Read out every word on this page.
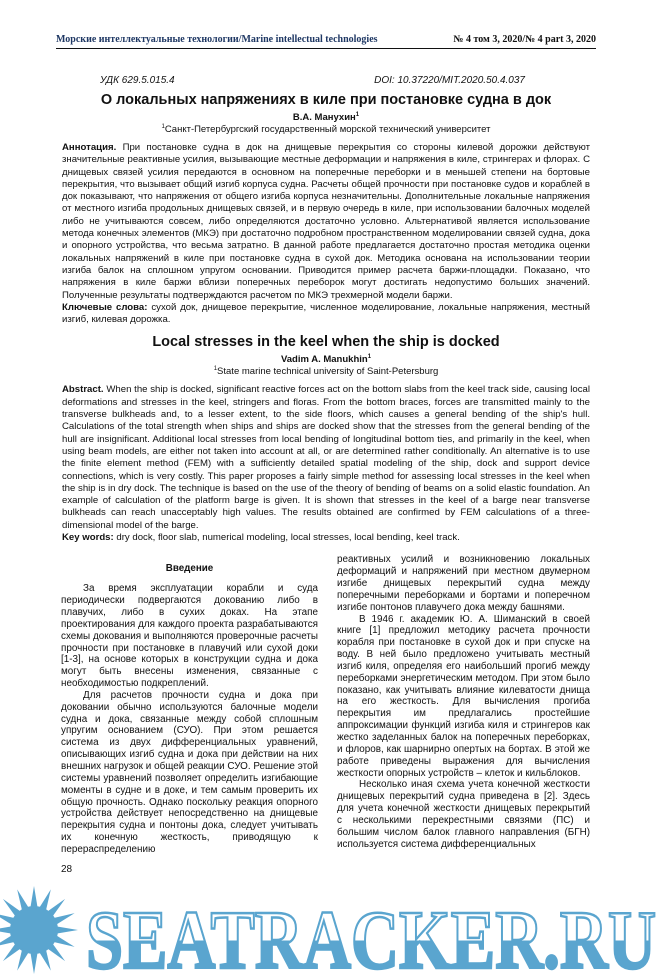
Морские интеллектуальные технологии/Marine intellectual technologies	№ 4 том 3, 2020/№ 4 part 3, 2020
УДК 629.5.015.4	DOI: 10.37220/MIT.2020.50.4.037
О локальных напряжениях в киле при постановке судна в док
В.А. Манухин$^1$
$^1$Санкт-Петербургский государственный морской технический университет
Аннотация. При постановке судна в док на днищевые перекрытия со стороны килевой дорожки действуют значительные реактивные усилия, вызывающие местные деформации и напряжения в киле, стрингерах и флорах. С днищевых связей усилия передаются в основном на поперечные переборки и в меньшей степени на бортовые перекрытия, что вызывает общий изгиб корпуса судна. Расчеты общей прочности при постановке судов и кораблей в док показывают, что напряжения от общего изгиба корпуса незначительны. Дополнительные локальные напряжения от местного изгиба продольных днищевых связей, и в первую очередь в киле, при использовании балочных моделей либо не учитываются совсем, либо определяются достаточно условно. Альтернативой является использование метода конечных элементов (МКЭ) при достаточно подробном пространственном моделировании связей судна, дока и опорного устройства, что весьма затратно. В данной работе предлагается достаточно простая методика оценки локальных напряжений в киле при постановке судна в сухой док. Методика основана на использовании теории изгиба балок на сплошном упругом основании. Приводится пример расчета баржи-площадки. Показано, что напряжения в киле баржи вблизи поперечных переборок могут достигать недопустимо больших значений. Полученные результаты подтверждаются расчетом по МКЭ трехмерной модели баржи.
Ключевые слова: сухой док, днищевое перекрытие, численное моделирование, локальные напряжения, местный изгиб, килевая дорожка.
Local stresses in the keel when the ship is docked
Vadim A. Manukhin$^1$
$^1$State marine technical university of Saint-Petersburg
Abstract. When the ship is docked, significant reactive forces act on the bottom slabs from the keel track side, causing local deformations and stresses in the keel, stringers and floras. From the bottom braces, forces are transmitted mainly to the transverse bulkheads and, to a lesser extent, to the side floors, which causes a general bending of the ship's hull. Calculations of the total strength when ships and ships are docked show that the stresses from the general bending of the hull are insignificant. Additional local stresses from local bending of longitudinal bottom ties, and primarily in the keel, when using beam models, are either not taken into account at all, or are determined rather conditionally. An alternative is to use the finite element method (FEM) with a sufficiently detailed spatial modeling of the ship, dock and support device connections, which is very costly. This paper proposes a fairly simple method for assessing local stresses in the keel when the ship is in dry dock. The technique is based on the use of the theory of bending of beams on a solid elastic foundation. An example of calculation of the platform barge is given. It is shown that stresses in the keel of a barge near transverse bulkheads can reach unacceptably high values. The results obtained are confirmed by FEM calculations of a three-dimensional model of the barge.
Key words: dry dock, floor slab, numerical modeling, local stresses, local bending, keel track.
Введение

За время эксплуатации корабли и суда периодически подвергаются докованию либо в плавучих, либо в сухих доках. На этапе проектирования для каждого проекта разрабатываются схемы докования и выполняются проверочные расчеты прочности при постановке в плавучий или сухой доки [1-3], на основе которых в конструкции судна и дока могут быть внесены изменения, связанные с необходимостью подкреплений.

Для расчетов прочности судна и дока при доковании обычно используются балочные модели судна и дока, связанные между собой сплошным упругим основанием (СУО). При этом решается система из двух дифференциальных уравнений, описывающих изгиб судна и дока при действии на них внешних нагрузок и общей реакции СУО. Решение этой системы уравнений позволяет определить изгибающие моменты в судне и в доке, и тем самым проверить их общую прочность. Однако поскольку реакция опорного устройства действует непосредственно на днищевые перекрытия судна и понтоны дока, следует учитывать их конечную жесткость, приводящую к перераспределению

28

реактивных усилий и возникновению локальных деформаций и напряжений при местном двумерном изгибе днищевых перекрытий судна между поперечными переборками и бортами и поперечном изгибе понтонов плавучего дока между башнями.

В 1946 г. академик Ю. А. Шиманский в своей книге [1] предложил методику расчета прочности корабля при постановке в сухой док и при спуске на воду. В ней было предложено учитывать местный изгиб киля, определяя его наибольший прогиб между переборками энергетическим методом. При этом было показано, как учитывать влияние килеватости днища на его жесткость. Для вычисления прогиба перекрытия им предлагались простейшие аппроксимации функций изгиба киля и стрингеров как жестко заделанных балок на поперечных переборках, и флоров, как шарнирно опертых на бортах. В этой же работе приведены выражения для вычисления жесткости опорных устройств – клеток и кильблоков.

Несколько иная схема учета конечной жесткости днищевых перекрытий судна приведена в [2]. Здесь для учета конечной жесткости днищевых перекрытий с несколькими перекрестными связями (ПС) и большим числом балок главного направления (БГН) используется система дифференциальных

SEATRACKER.RU
